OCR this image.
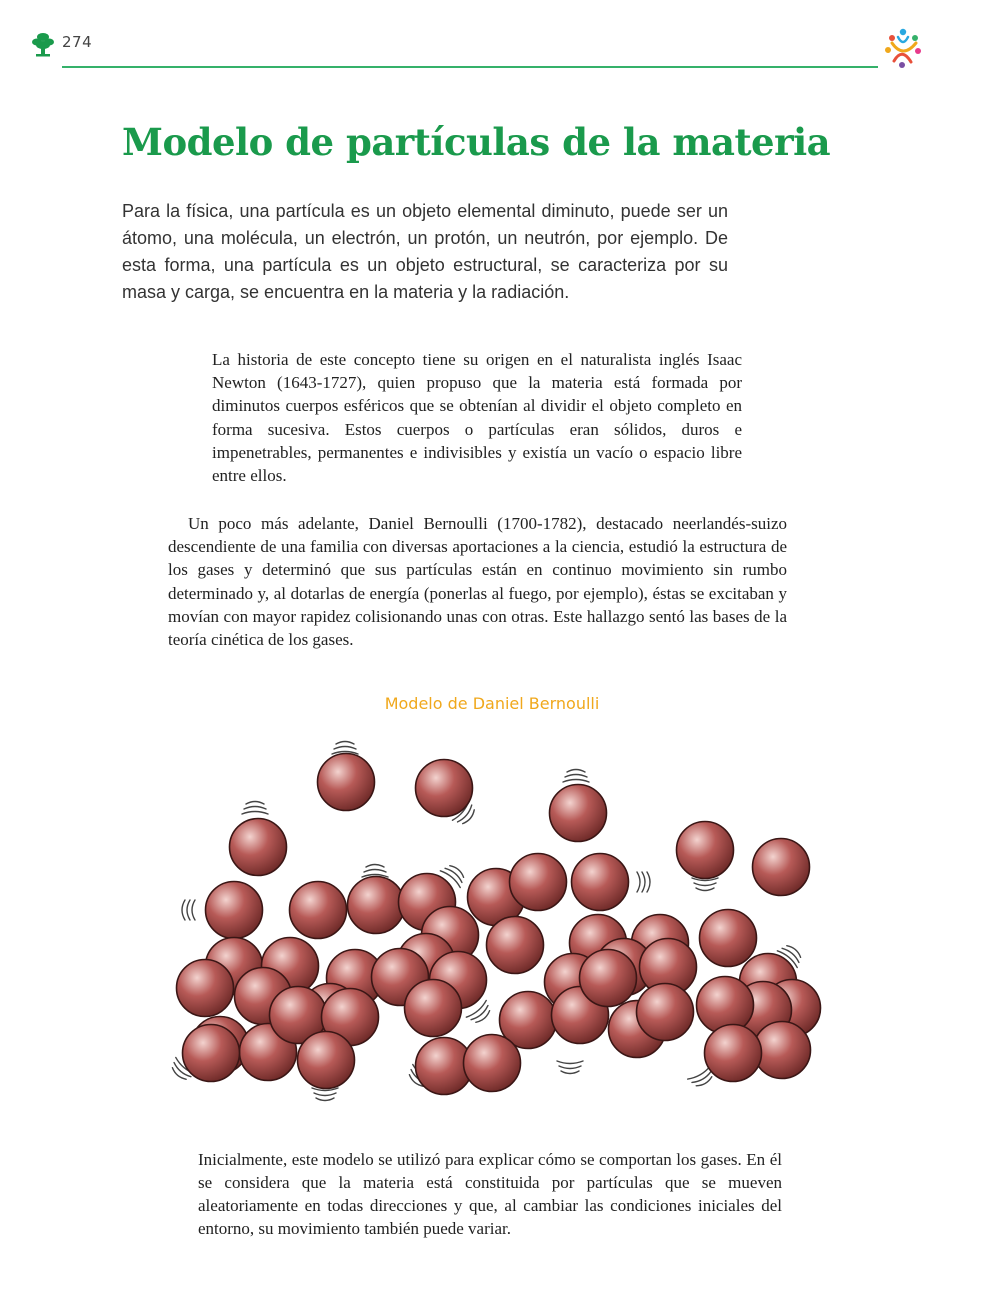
274
Modelo de partículas de la materia

Para la física, una partícula es un objeto elemental diminuto, puede ser un átomo, una molécula, un electrón, un protón, un neutrón, por ejemplo. De esta forma, una partícula es un objeto estructural, se caracteriza por su masa y carga, se encuentra en la materia y la radiación.

La historia de este concepto tiene su origen en el naturalista inglés Isaac Newton (1643-1727), quien propuso que la materia está formada por diminutos cuerpos esféricos que se obtenían al dividir el objeto completo en forma sucesiva. Estos cuerpos o partículas eran sólidos, duros e impenetrables, permanentes e indivisibles y existía un vacío o espacio libre entre ellos.

Un poco más adelante, Daniel Bernoulli (1700-1782), destacado neerlandés-suizo descendiente de una familia con diversas aportaciones a la ciencia, estudió la estructura de los gases y determinó que sus partículas están en continuo movimiento sin rumbo determinado y, al dotarlas de energía (ponerlas al fuego, por ejemplo), éstas se excitaban y movían con mayor rapidez colisionando unas con otras. Este hallazgo sentó las bases de la teoría cinética de los gases.

Modelo de Daniel Bernoulli

Inicialmente, este modelo se utilizó para explicar cómo se comportan los gases. En él se considera que la materia está constituida por partículas que se mueven aleatoriamente en todas direcciones y que, al cambiar las condiciones iniciales del entorno, su movimiento también puede variar.
